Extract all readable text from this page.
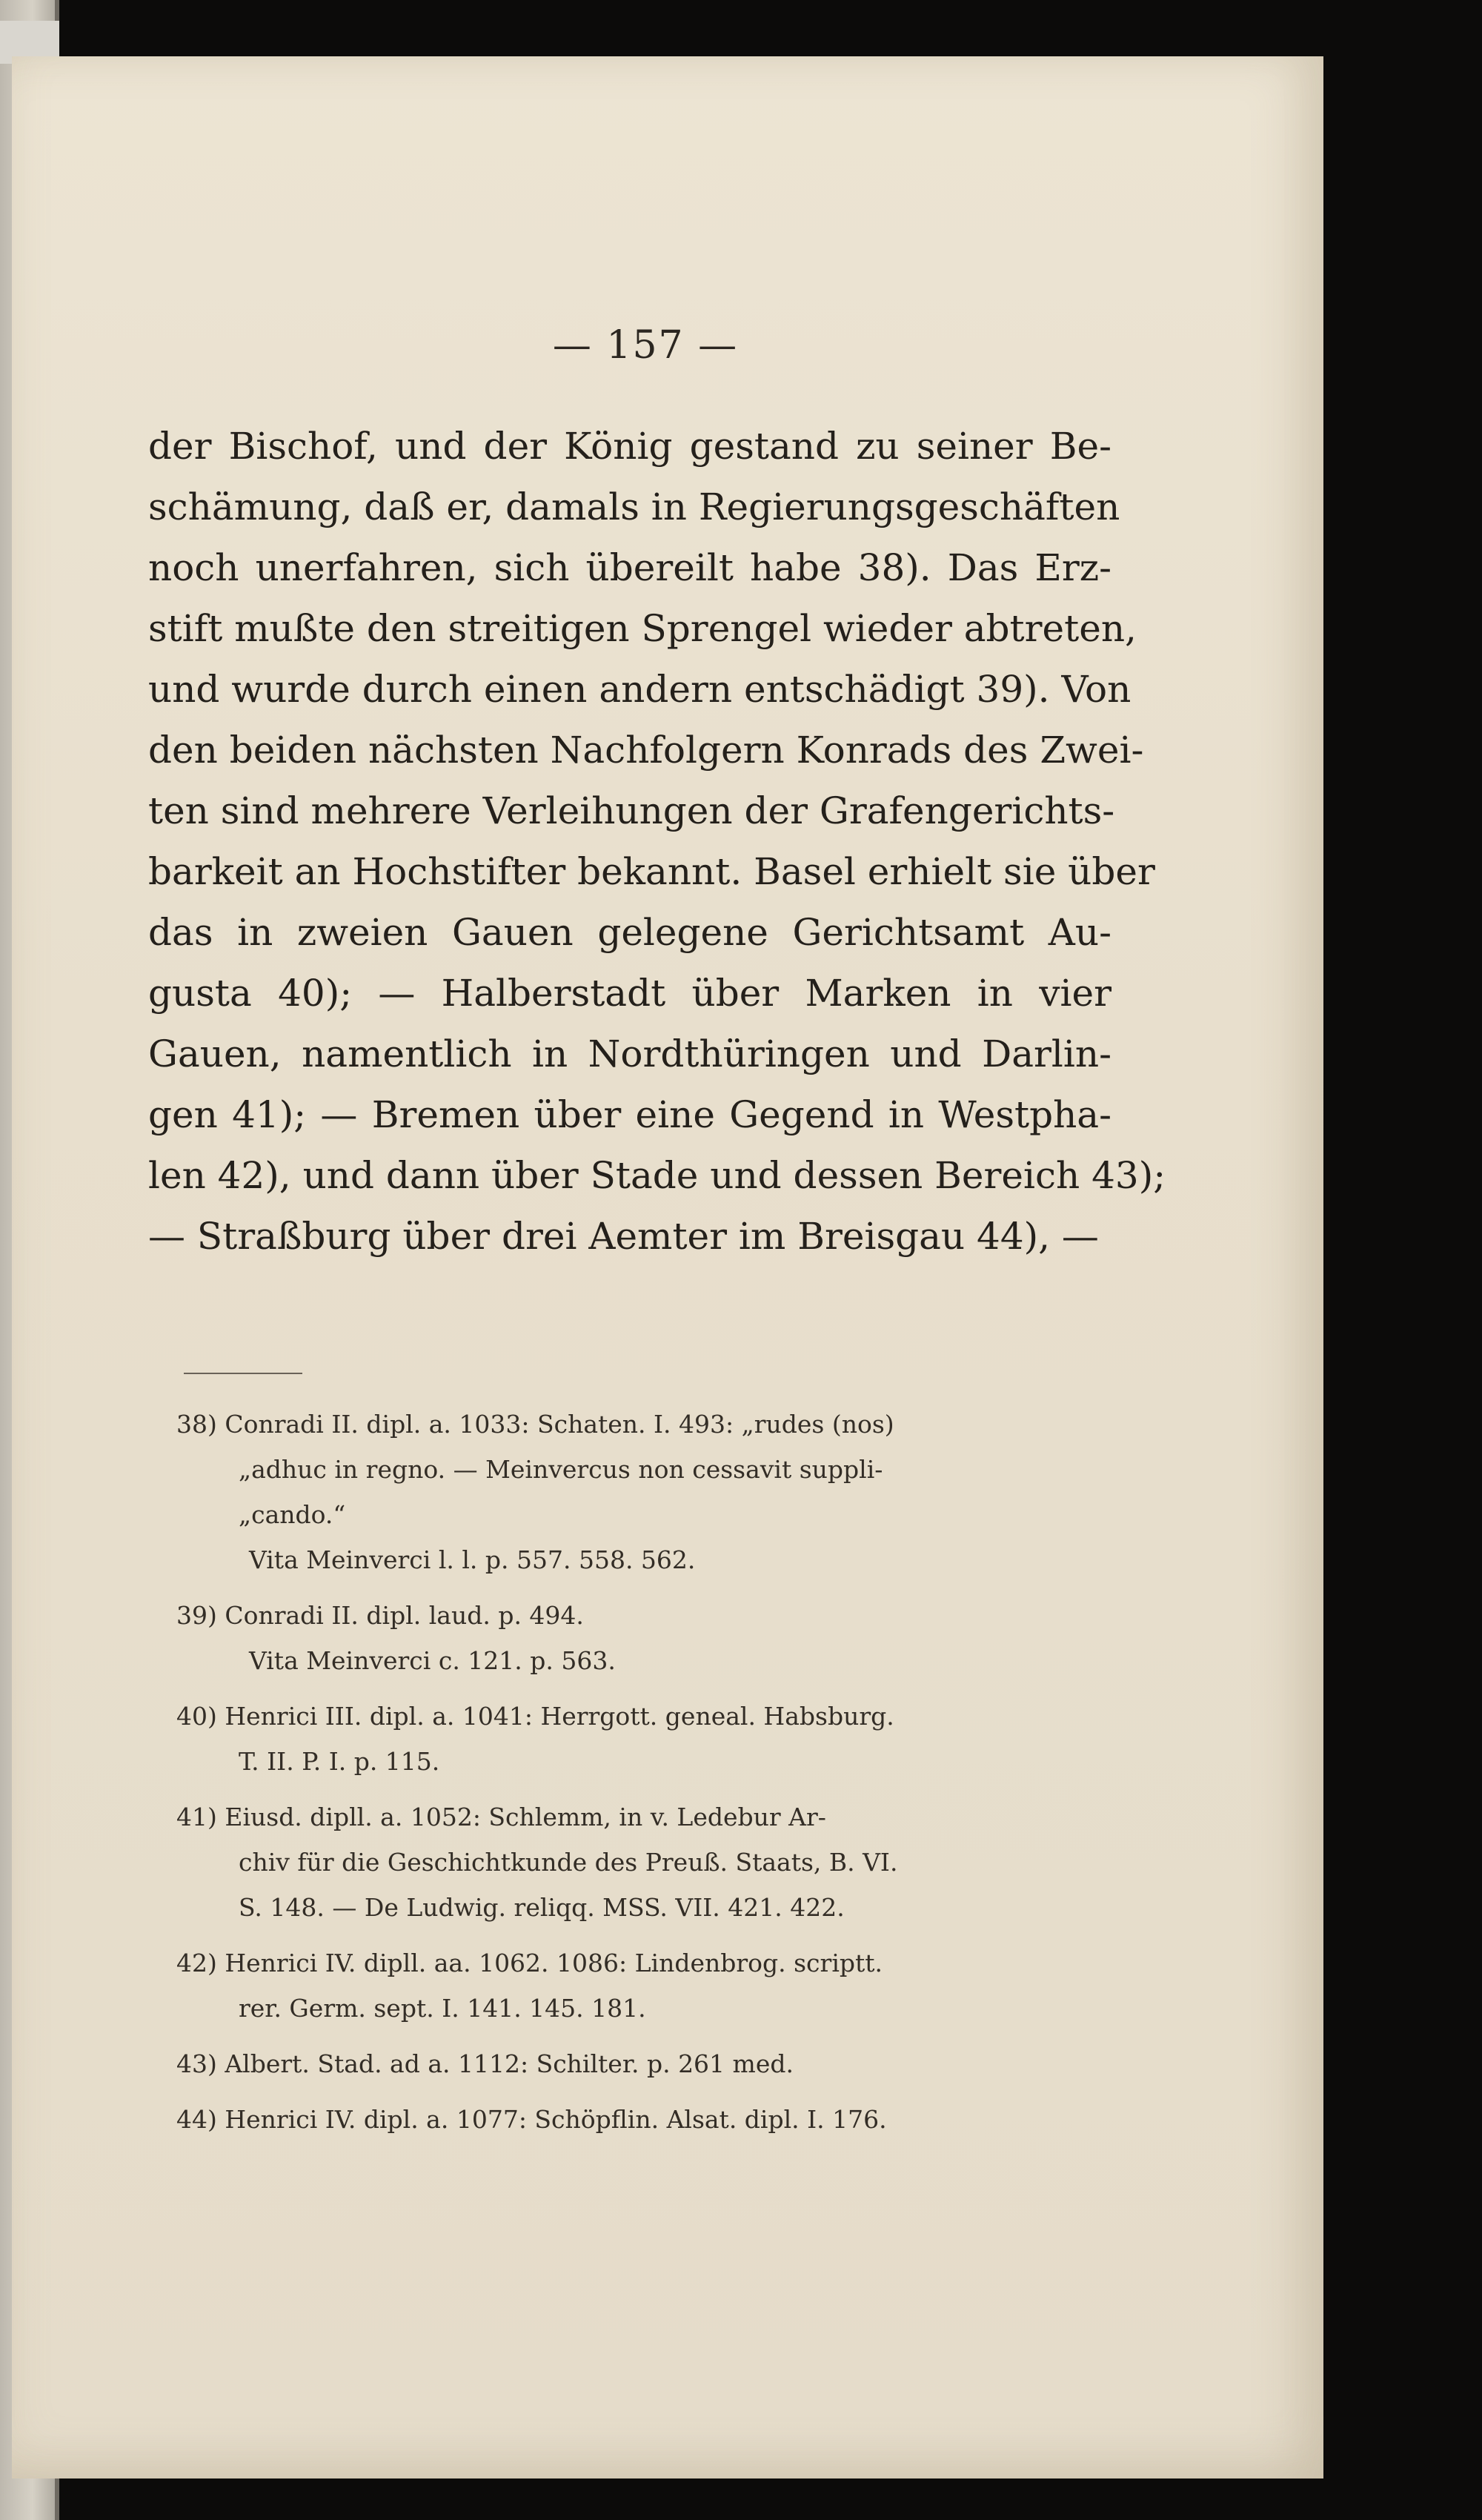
— 157 —
der Bischof, und der König gestand zu seiner Be-
schämung, daß er, damals in Regierungsgeschäften
noch unerfahren, sich übereilt habe 38). Das Erz-
stift mußte den streitigen Sprengel wieder abtreten,
und wurde durch einen andern entschädigt 39). Von
den beiden nächsten Nachfolgern Konrads des Zwei-
ten sind mehrere Verleihungen der Grafengerichts-
barkeit an Hochstifter bekannt. Basel erhielt sie über
das in zweien Gauen gelegene Gerichtsamt Au-
gusta 40); — Halberstadt über Marken in vier
Gauen, namentlich in Nordthüringen und Darlin-
gen 41); — Bremen über eine Gegend in Westpha-
len 42), und dann über Stade und dessen Bereich 43);
— Straßburg über drei Aemter im Breisgau 44), —
38) Conradi II. dipl. a. 1033: Schaten. I. 493: „rudes (nos)
„adhuc in regno. — Meinvercus non cessavit suppli-
„cando.“
Vita Meinverci l. l. p. 557. 558. 562.
39) Conradi II. dipl. laud. p. 494.
Vita Meinverci c. 121. p. 563.
40) Henrici III. dipl. a. 1041: Herrgott. geneal. Habsburg.
T. II. P. I. p. 115.
41) Eiusd. dipll. a. 1052: Schlemm, in v. Ledebur Ar-
chiv für die Geschichtkunde des Preuß. Staats, B. VI.
S. 148. — De Ludwig. reliqq. MSS. VII. 421. 422.
42) Henrici IV. dipll. aa. 1062. 1086: Lindenbrog. scriptt.
rer. Germ. sept. I. 141. 145. 181.
43) Albert. Stad. ad a. 1112: Schilter. p. 261 med.
44) Henrici IV. dipl. a. 1077: Schöpflin. Alsat. dipl. I. 176.
